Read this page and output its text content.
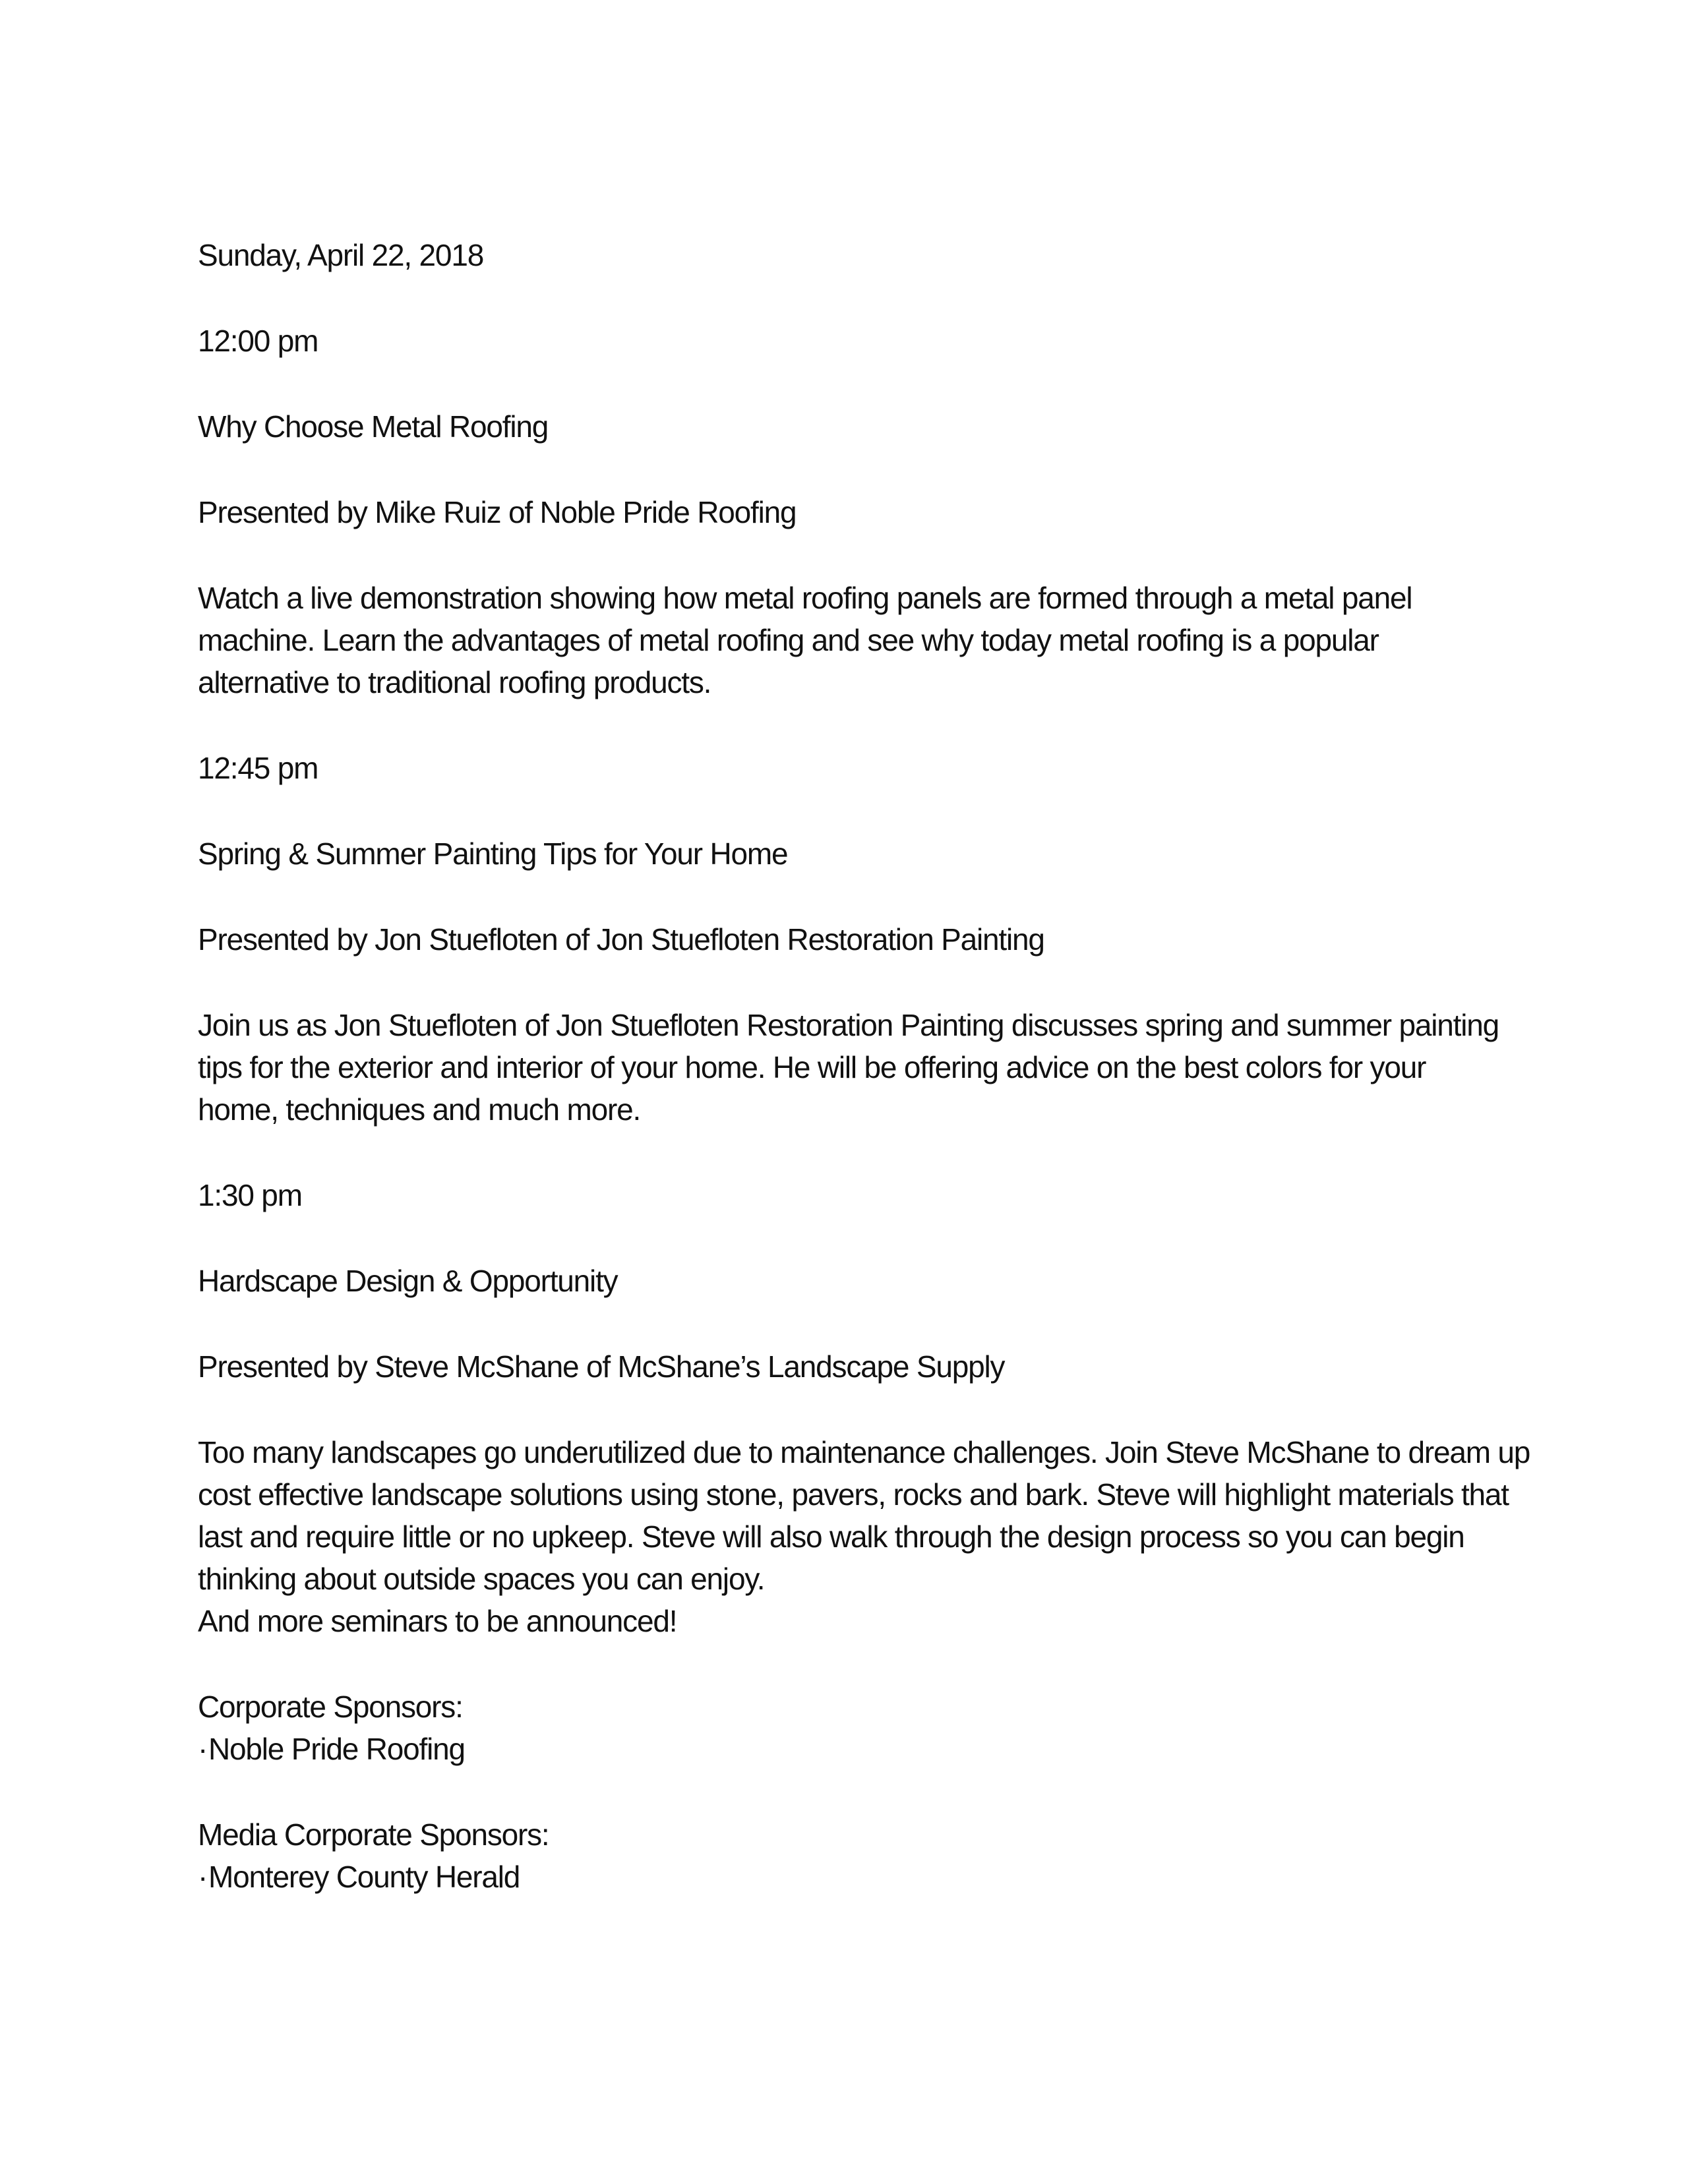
Sunday, April 22, 2018

12:00 pm

Why Choose Metal Roofing

Presented by Mike Ruiz of Noble Pride Roofing

Watch a live demonstration showing how metal roofing panels are formed through a metal panel

machine. Learn the advantages of metal roofing and see why today metal roofing is a popular

alternative to traditional roofing products.

12:45 pm

Spring & Summer Painting Tips for Your Home

Presented by Jon Stuefloten of Jon Stuefloten Restoration Painting

Join us as Jon Stuefloten of Jon Stuefloten Restoration Painting discusses spring and summer painting

tips for the exterior and interior of your home. He will be offering advice on the best colors for your

home, techniques and much more.

1:30 pm

Hardscape Design & Opportunity

Presented by Steve McShane of McShane’s Landscape Supply

Too many landscapes go underutilized due to maintenance challenges. Join Steve McShane to dream up

cost effective landscape solutions using stone, pavers, rocks and bark. Steve will highlight materials that

last and require little or no upkeep. Steve will also walk through the design process so you can begin

thinking about outside spaces you can enjoy.

And more seminars to be announced!

Corporate Sponsors:

·Noble Pride Roofing

Media Corporate Sponsors:

·Monterey County Herald
